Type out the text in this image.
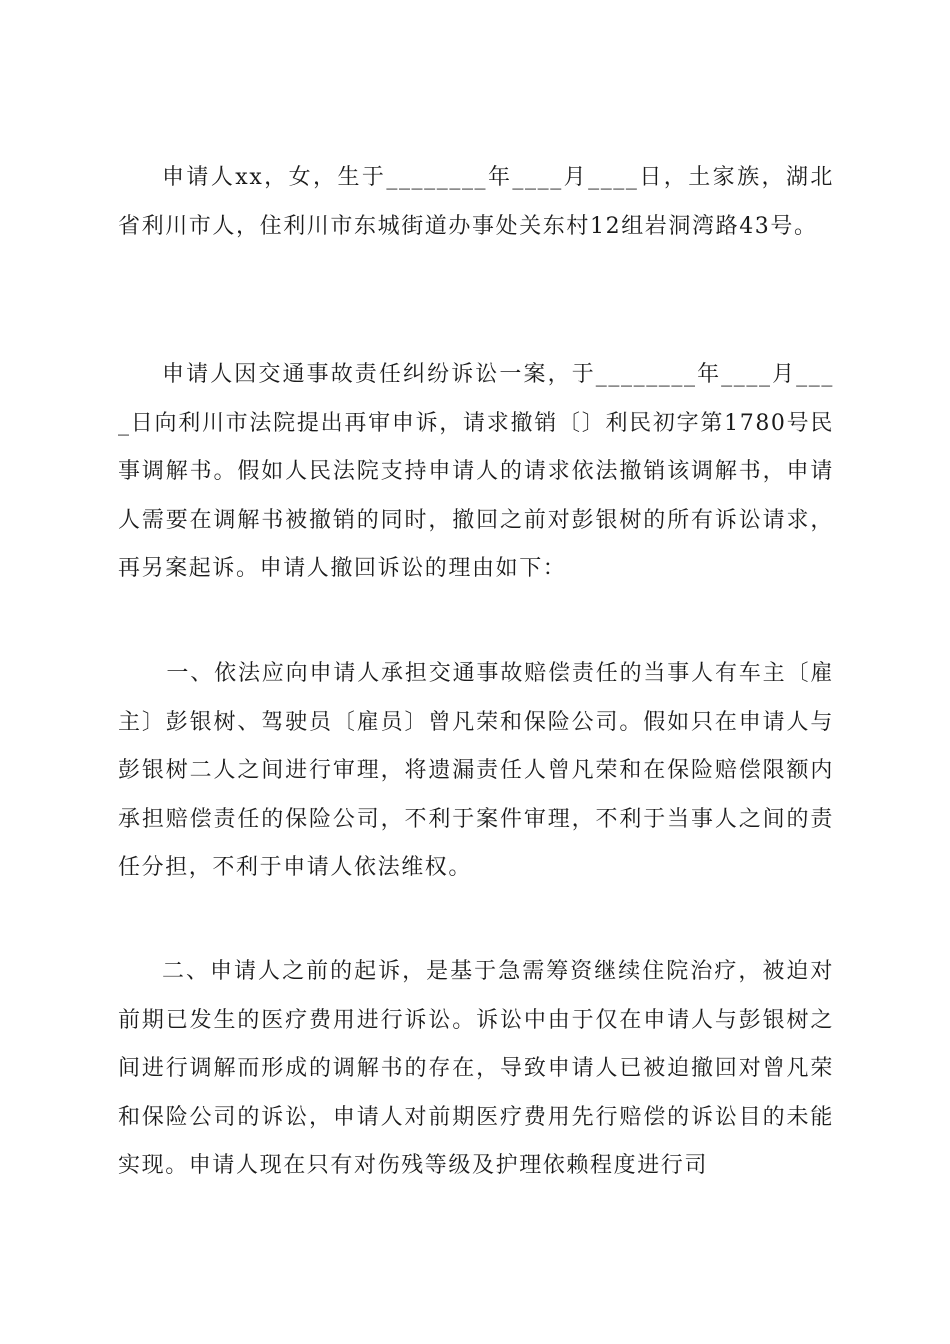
申请人xx，女，生于________年____月____日，土家族，湖北省利川市人，住利川市东城街道办事处关东村12组岩洞湾路43号。

申请人因交通事故责任纠纷诉讼一案，于________年____月____日向利川市法院提出再审申诉，请求撤销〔〕利民初字第1780号民事调解书。假如人民法院支持申请人的请求依法撤销该调解书，申请人需要在调解书被撤销的同时，撤回之前对彭银树的所有诉讼请求，再另案起诉。申请人撤回诉讼的理由如下：

一、依法应向申请人承担交通事故赔偿责任的当事人有车主〔雇主〕彭银树、驾驶员〔雇员〕曾凡荣和保险公司。假如只在申请人与彭银树二人之间进行审理，将遗漏责任人曾凡荣和在保险赔偿限额内承担赔偿责任的保险公司，不利于案件审理，不利于当事人之间的责任分担，不利于申请人依法维权。

二、申请人之前的起诉，是基于急需筹资继续住院治疗，被迫对前期已发生的医疗费用进行诉讼。诉讼中由于仅在申请人与彭银树之间进行调解而形成的调解书的存在，导致申请人已被迫撤回对曾凡荣和保险公司的诉讼，申请人对前期医疗费用先行赔偿的诉讼目的未能实现。申请人现在只有对伤残等级及护理依赖程度进行司
